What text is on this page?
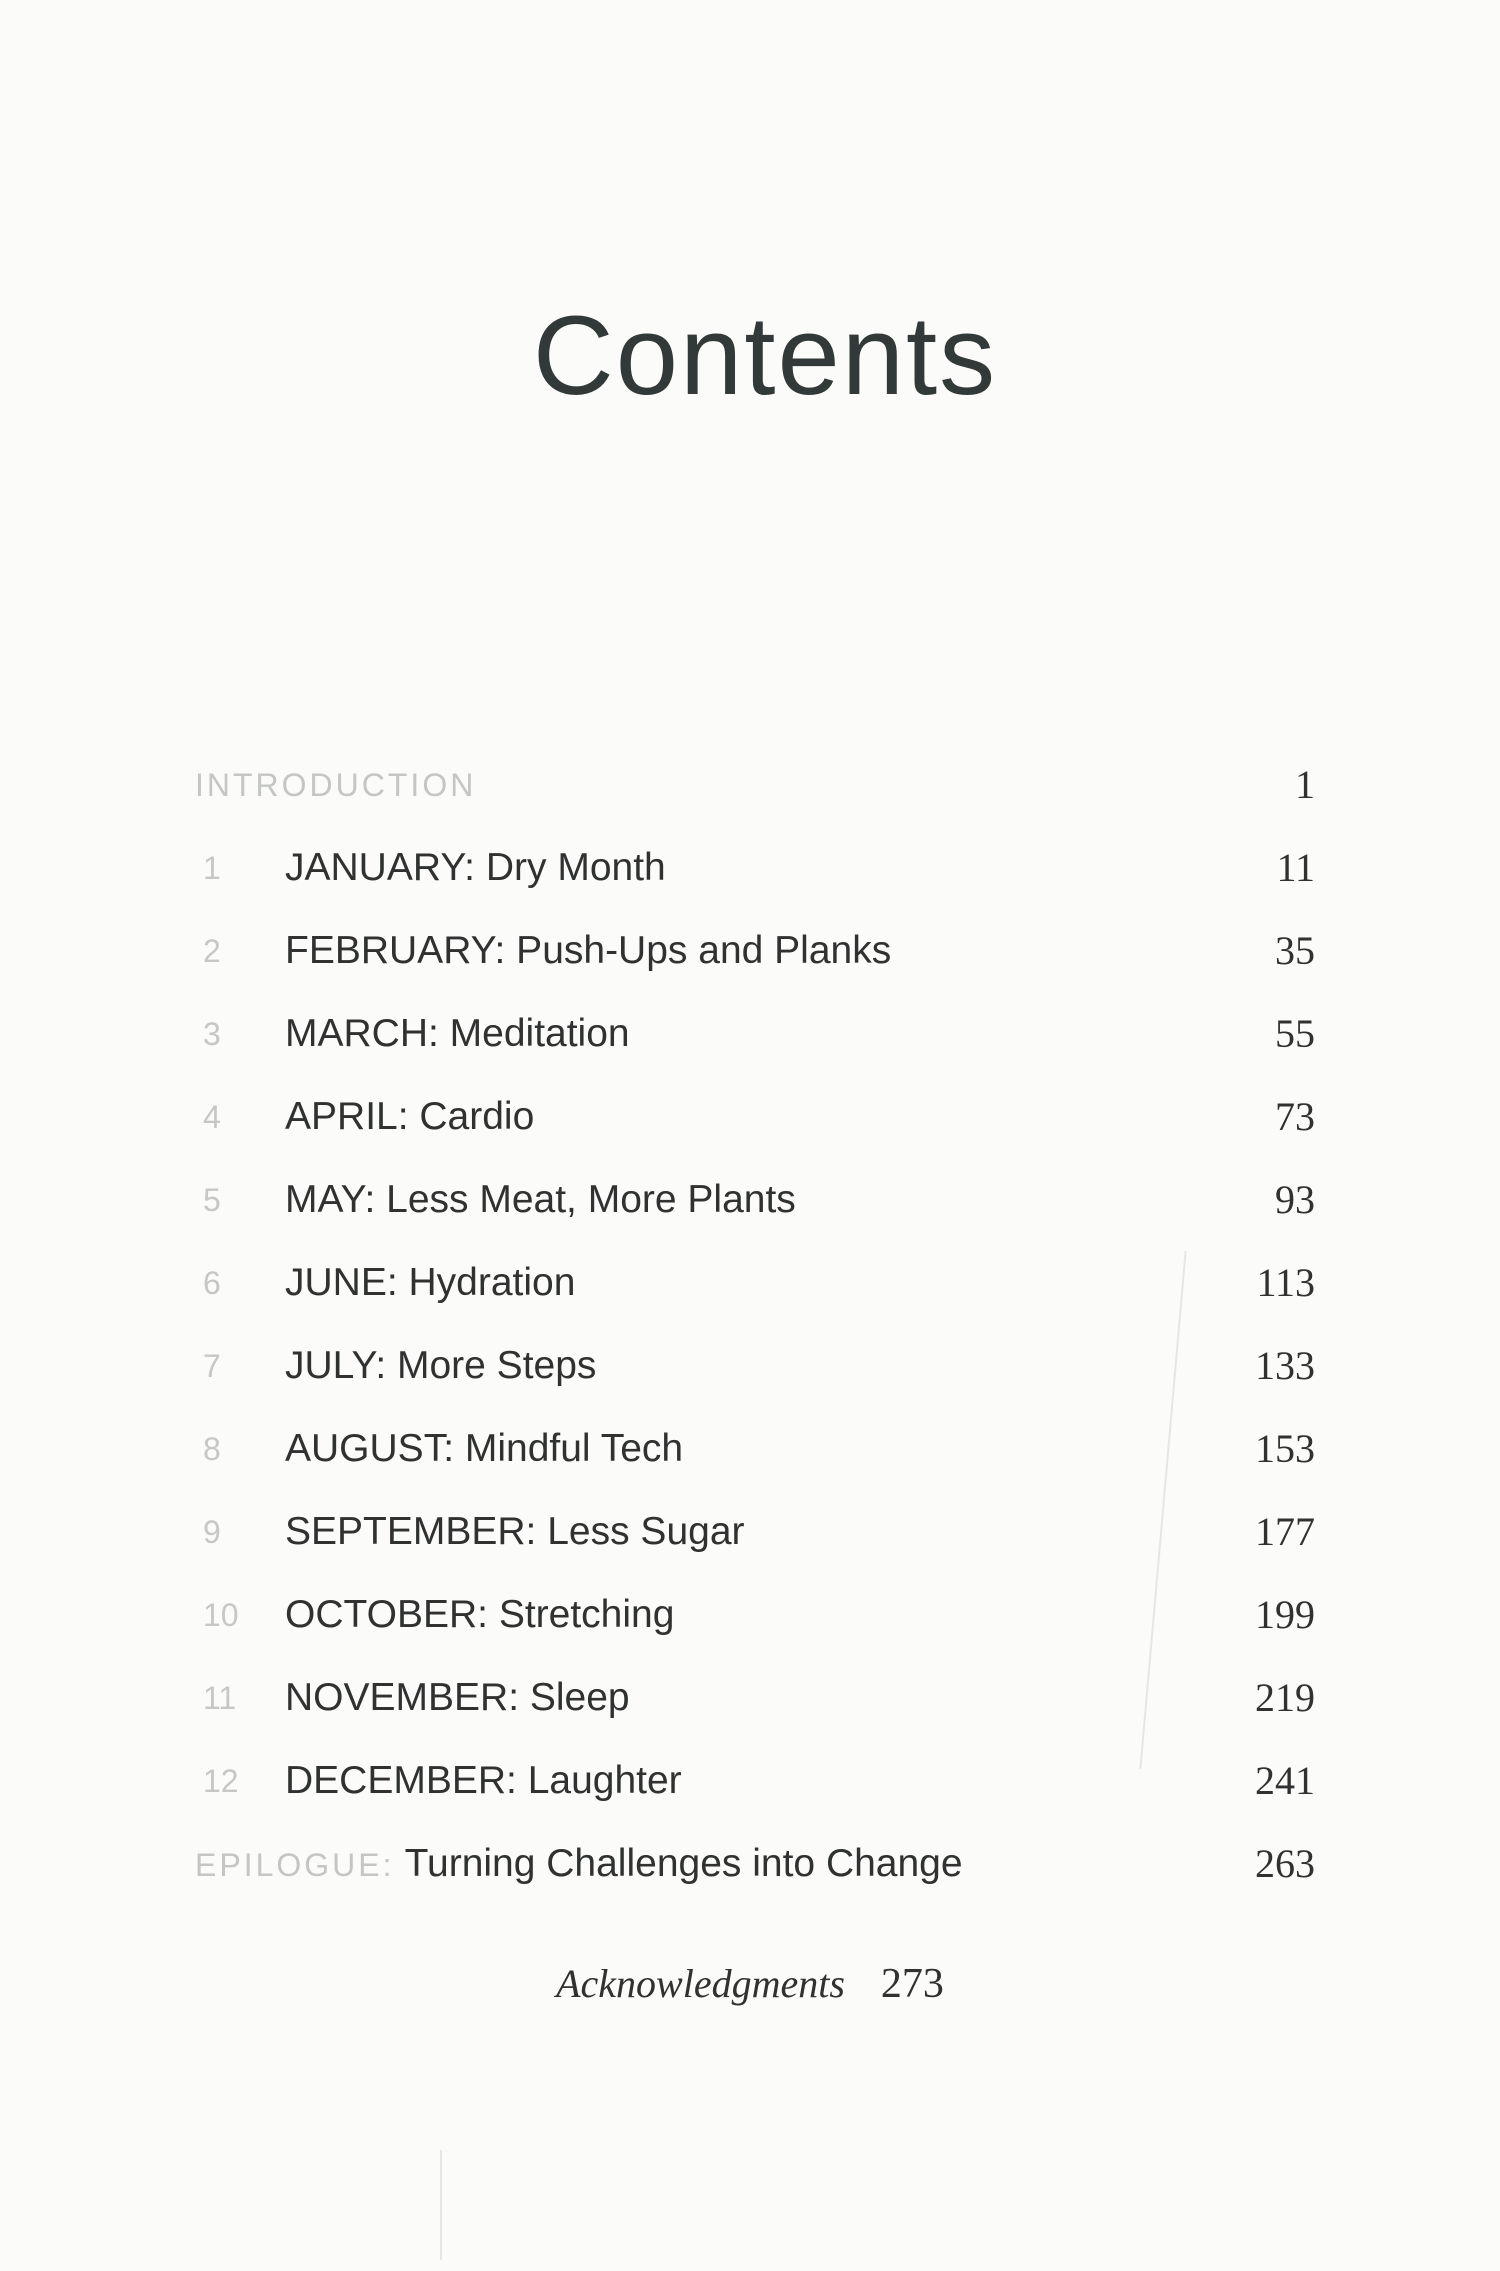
Contents
INTRODUCTION	1
1	JANUARY: Dry Month	11
2	FEBRUARY: Push-Ups and Planks	35
3	MARCH: Meditation	55
4	APRIL: Cardio	73
5	MAY: Less Meat, More Plants	93
6	JUNE: Hydration	113
7	JULY: More Steps	133
8	AUGUST: Mindful Tech	153
9	SEPTEMBER: Less Sugar	177
10	OCTOBER: Stretching	199
11	NOVEMBER: Sleep	219
12	DECEMBER: Laughter	241
EPILOGUE: Turning Challenges into Change	263
Acknowledgments 273
